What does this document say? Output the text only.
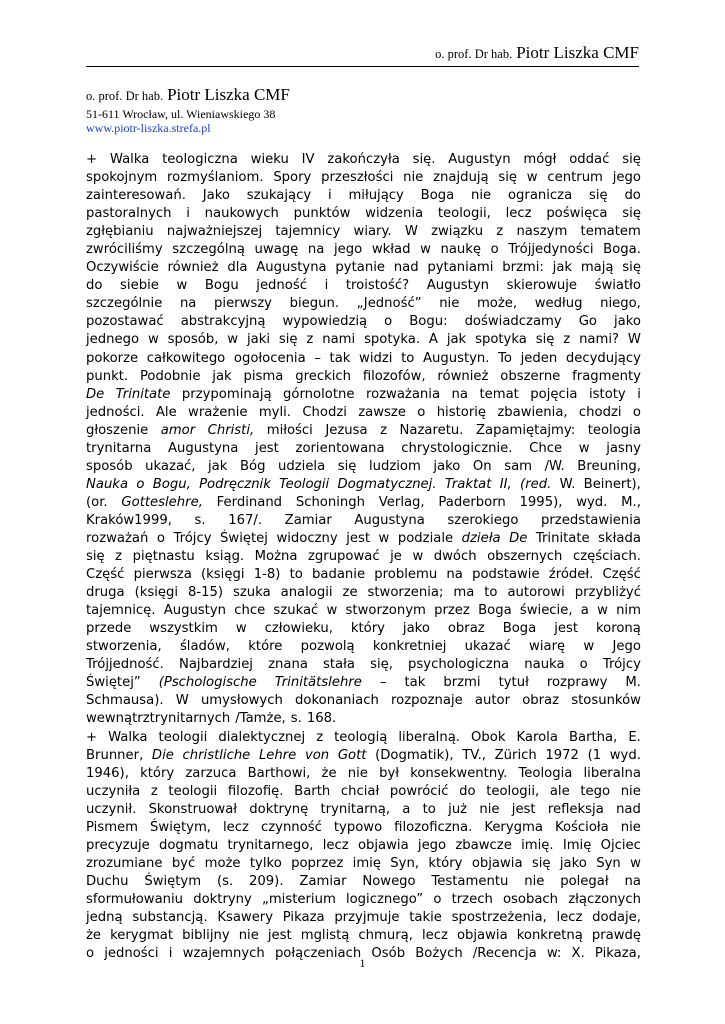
o. prof. Dr hab. Piotr Liszka CMF
o. prof. Dr hab. Piotr Liszka CMF
51-611 Wrocław, ul. Wieniawskiego 38
www.piotr-liszka.strefa.pl
+ Walka teologiczna wieku IV zakończyła się. Augustyn mógł oddać się
spokojnym rozmyślaniom. Spory przeszłości nie znajdują się w centrum jego
zainteresowań. Jako szukający i miłujący Boga nie ogranicza się do
pastoralnych i naukowych punktów widzenia teologii, lecz poświęca się
zgłębianiu najważniejszej tajemnicy wiary. W związku z naszym tematem
zwróciliśmy szczególną uwagę na jego wkład w naukę o Trójjedyności Boga.
Oczywiście również dla Augustyna pytanie nad pytaniami brzmi: jak mają się
do siebie w Bogu jedność i troistość? Augustyn skierowuje światło
szczególnie na pierwszy biegun. „Jedność” nie może, według niego,
pozostawać abstrakcyjną wypowiedzią o Bogu: doświadczamy Go jako
jednego w sposób, w jaki się z nami spotyka. A jak spotyka się z nami? W
pokorze całkowitego ogołocenia – tak widzi to Augustyn. To jeden decydujący
punkt. Podobnie jak pisma greckich filozofów, również obszerne fragmenty
De Trinitate przypominają górnolotne rozważania na temat pojęcia istoty i
jedności. Ale wrażenie myli. Chodzi zawsze o historię zbawienia, chodzi o
głoszenie amor Christi, miłości Jezusa z Nazaretu. Zapamiętajmy: teologia
trynitarna Augustyna jest zorientowana chrystologicznie. Chce w jasny
sposób ukazać, jak Bóg udziela się ludziom jako On sam /W. Breuning,
Nauka o Bogu, Podręcznik Teologii Dogmatycznej. Traktat II, (red. W. Beinert),
(or. Gotteslehre, Ferdinand Schoningh Verlag, Paderborn 1995), wyd. M.,
Kraków1999, s. 167/. Zamiar Augustyna szerokiego przedstawienia
rozważań o Trójcy Świętej widoczny jest w podziale dzieła De Trinitate składa
się z piętnastu ksiąg. Można zgrupować je w dwóch obszernych częściach.
Część pierwsza (księgi 1-8) to badanie problemu na podstawie źródeł. Część
druga (księgi 8-15) szuka analogii ze stworzenia; ma to autorowi przybliżyć
tajemnicę. Augustyn chce szukać w stworzonym przez Boga świecie, a w nim
przede wszystkim w człowieku, który jako obraz Boga jest koroną
stworzenia, śladów, które pozwolą konkretniej ukazać wiarę w Jego
Trójjedność. Najbardziej znana stała się, psychologiczna nauka o Trójcy
Świętej” (Pschologische Trinitätslehre – tak brzmi tytuł rozprawy M.
Schmausa). W umysłowych dokonaniach rozpoznaje autor obraz stosunków
wewnątrztrynitarnych /Tamże, s. 168.
+ Walka teologii dialektycznej z teologią liberalną. Obok Karola Bartha, E.
Brunner, Die christliche Lehre von Gott (Dogmatik), TV., Zürich 1972 (1 wyd.
1946), który zarzuca Barthowi, że nie był konsekwentny. Teologia liberalna
uczyniła z teologii filozofię. Barth chciał powrócić do teologii, ale tego nie
uczynił. Skonstruował doktrynę trynitarną, a to już nie jest refleksja nad
Pismem Świętym, lecz czynność typowo filozoficzna. Kerygma Kościoła nie
precyzuje dogmatu trynitarnego, lecz objawia jego zbawcze imię. Imię Ojciec
zrozumiane być może tylko poprzez imię Syn, który objawia się jako Syn w
Duchu Świętym (s. 209). Zamiar Nowego Testamentu nie polegał na
sformułowaniu doktryny „misterium logicznego” o trzech osobach złączonych
jedną substancją. Ksawery Pikaza przyjmuje takie spostrzeżenia, lecz dodaje,
że kerygmat biblijny nie jest mglistą chmurą, lecz objawia konkretną prawdę
o jedności i wzajemnych połączeniach Osób Bożych /Recencja w: X. Pikaza,
1
